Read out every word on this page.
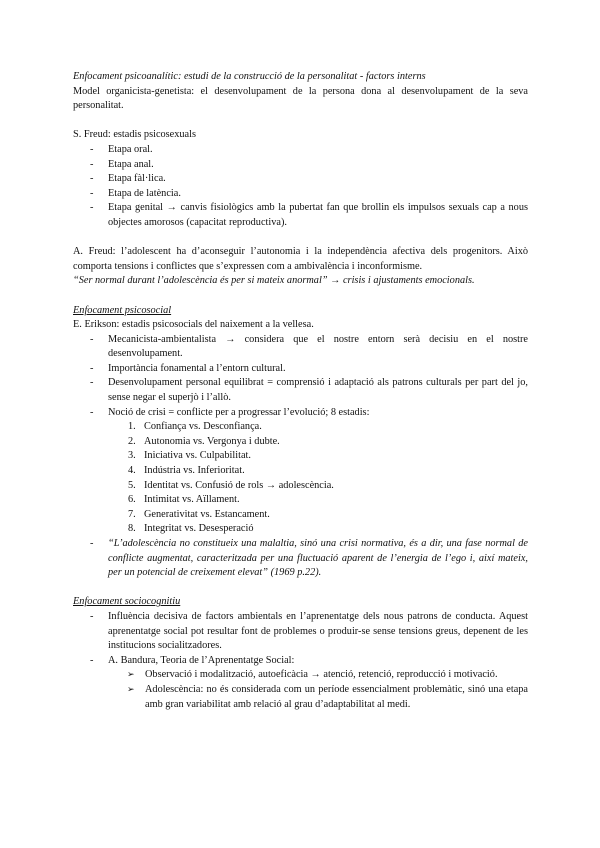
Enfocament psicoanalític: estudi de la construcció de la personalitat - factors interns

Model organicista-genetista: el desenvolupament de la persona dona al desenvolupament de la seva personalitat.

S. Freud: estadis psicosexuals

- Etapa oral.
- Etapa anal.
- Etapa fàl·lica.
- Etapa de latència.
- Etapa genital → canvis fisiològics amb la pubertat fan que brollin els impulsos sexuals cap a nous objectes amorosos (capacitat reproductiva).

A. Freud: l’adolescent ha d’aconseguir l’autonomia i la independència afectiva dels progenitors. Això comporta tensions i conflictes que s’expressen com a ambivalència i inconformisme.

“Ser normal durant l’adolescència és per si mateix anormal” → crisis i ajustaments emocionals.

Enfocament psicosocial

E. Erikson: estadis psicosocials del naixement a la vellesa.

- Mecanicista-ambientalista → considera que el nostre entorn serà decisiu en el nostre desenvolupament.
- Importància fonamental a l’entorn cultural.
- Desenvolupament personal equilibrat = comprensió i adaptació als patrons culturals per part del jo, sense negar el superjò i l’allò.
- Noció de crisi = conflicte per a progressar l’evolució; 8 estadis:
1. Confiança vs. Desconfiança.
2. Autonomia vs. Vergonya i dubte.
3. Iniciativa vs. Culpabilitat.
4. Indústria vs. Inferioritat.
5. Identitat vs. Confusió de rols → adolescència.
6. Intimitat vs. Aïllament.
7. Generativitat vs. Estancament.
8. Integritat vs. Desesperació
- “L’adolescència no constitueix una malaltia, sinó una crisi normativa, és a dir, una fase normal de conflicte augmentat, caracteritzada per una fluctuació aparent de l’energia de l’ego i, així mateix, per un potencial de creixement elevat” (1969 p.22).

Enfocament sociocognitiu

- Influència decisiva de factors ambientals en l’aprenentatge dels nous patrons de conducta. Aquest aprenentatge social pot resultar font de problemes o produir-se sense tensions greus, depenent de les institucions socialitzadores.
- A. Bandura, Teoria de l’Aprenentatge Social:
➢ Observació i modalització, autoeficàcia → atenció, retenció, reproducció i motivació.
➢ Adolescència: no és considerada com un període essencialment problemàtic, sinó una etapa amb gran variabilitat amb relació al grau d’adaptabilitat al medi.
